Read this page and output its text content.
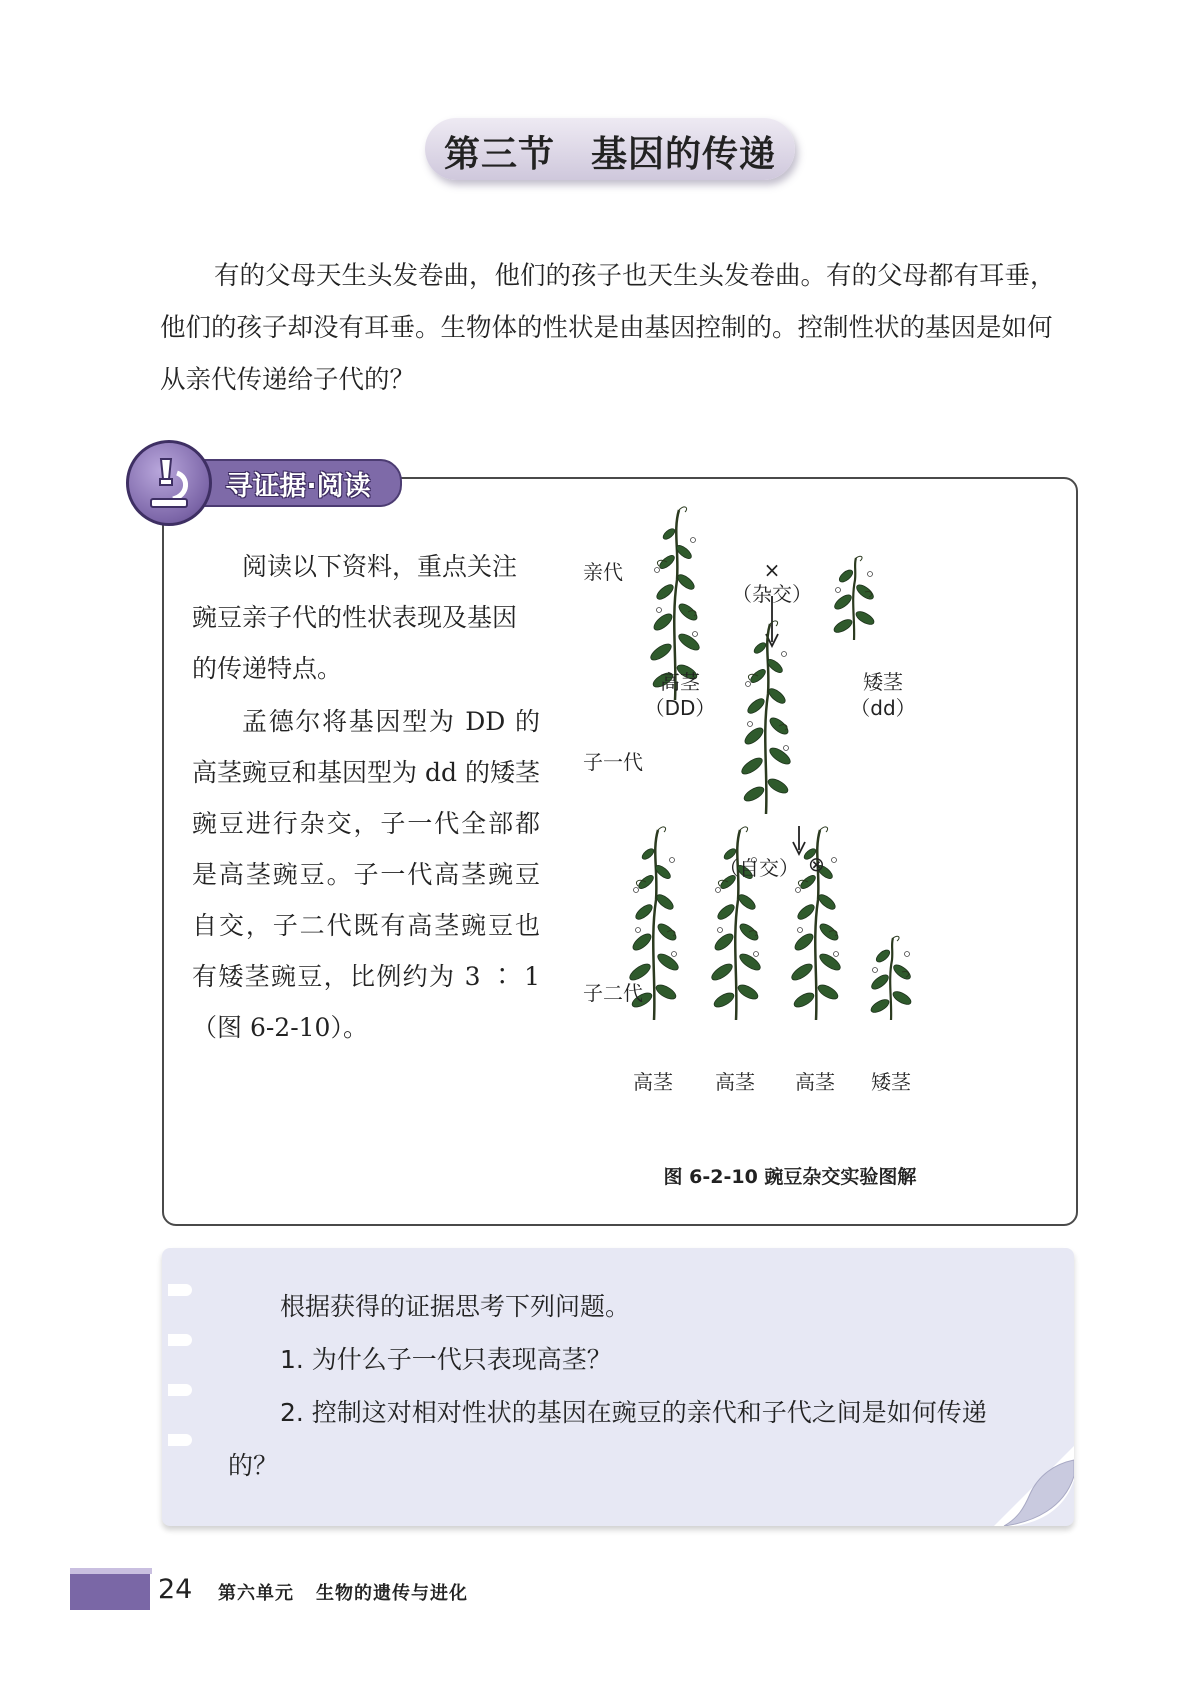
第三节 基因的传递
有的父母天生头发卷曲，他们的孩子也天生头发卷曲。有的父母都有耳垂，他们的孩子却没有耳垂。生物体的性状是由基因控制的。控制性状的基因是如何从亲代传递给子代的？
寻证据·阅读
阅读以下资料，重点关注豌豆亲子代的性状表现及基因的传递特点。
孟德尔将基因型为 DD 的高茎豌豆和基因型为 dd 的矮茎豌豆进行杂交，子一代全部都是高茎豌豆。子一代高茎豌豆自交，子二代既有高茎豌豆也有矮茎豌豆，比例约为 3 ∶ 1（图 6-2-10）。
亲代	×
（杂交）
高茎
（DD）
矮茎
（dd）
子一代
（自交） ⊗
子二代
高茎	高茎	高茎	矮茎
图 6-2-10 豌豆杂交实验图解
根据获得的证据思考下列问题。
1. 为什么子一代只表现高茎？
2. 控制这对相对性状的基因在豌豆的亲代和子代之间是如何传递的？
24 第六单元 生物的遗传与进化
